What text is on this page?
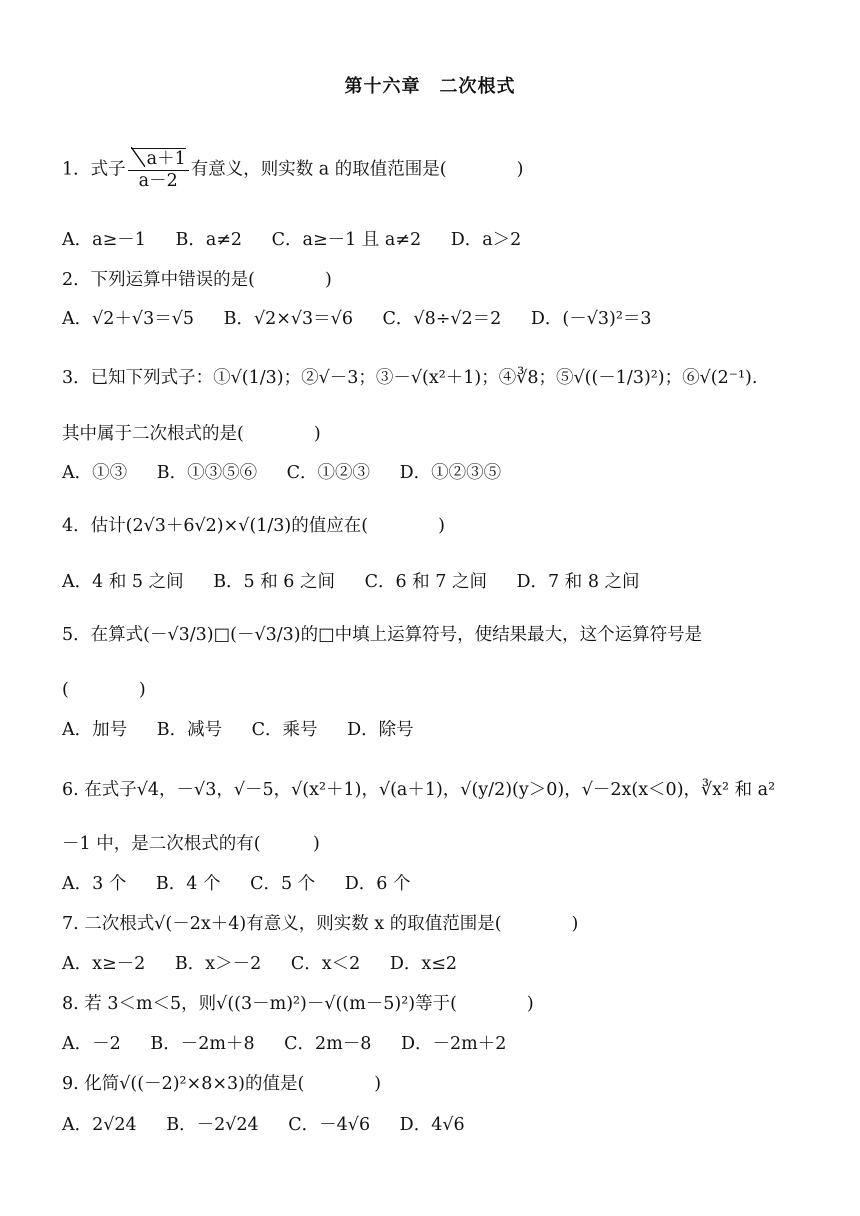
第十六章　二次根式
1．式子 $\frac{a+1}{a-2}$ 有意义，则实数 a 的取值范围是(　　　　)
A．a≥－1 B．a≠2 C．a≥－1 且 a≠2 D．a＞2
2．下列运算中错误的是(　　　　)
A．√2＋√3＝√5 B．√2×√3＝√6 C．√8÷√2＝2 D．(－√3)²＝3
3．已知下列式子：①√(1/3)；②√－3；③－√(x²＋1)；④∛8；⑤√((－1/3)²)；⑥√(2⁻¹).
其中属于二次根式的是(　　　　)
A．①③ B．①③⑤⑥ C．①②③ D．①②③⑤
4．估计(2√3＋6√2)×√(1/3)的值应在(　　　　)
A．4 和 5 之间 B．5 和 6 之间 C．6 和 7 之间 D．7 和 8 之间
5．在算式(－√3/3)□(－√3/3)的□中填上运算符号，使结果最大，这个运算符号是
(　　　　)
A．加号 B．减号 C．乘号 D．除号
6. 在式子√4，－√3，√－5，√(x²＋1)，√(a＋1)，√(y/2)(y＞0)，√－2x(x＜0)，∛x² 和 a²
－1 中，是二次根式的有(　　　)
A．3 个 B．4 个 C．5 个 D．6 个
7. 二次根式√(－2x＋4)有意义，则实数 x 的取值范围是(　　　　)
A．x≥－2 B．x＞－2 C．x＜2 D．x≤2
8. 若 3＜m＜5，则√((3－m)²)－√((m－5)²)等于(　　　　)
A．－2 B．－2m＋8 C．2m－8 D．－2m＋2
9. 化简√((－2)²×8×3)的值是(　　　　)
A．2√24 B．－2√24 C．－4√6 D．4√6
